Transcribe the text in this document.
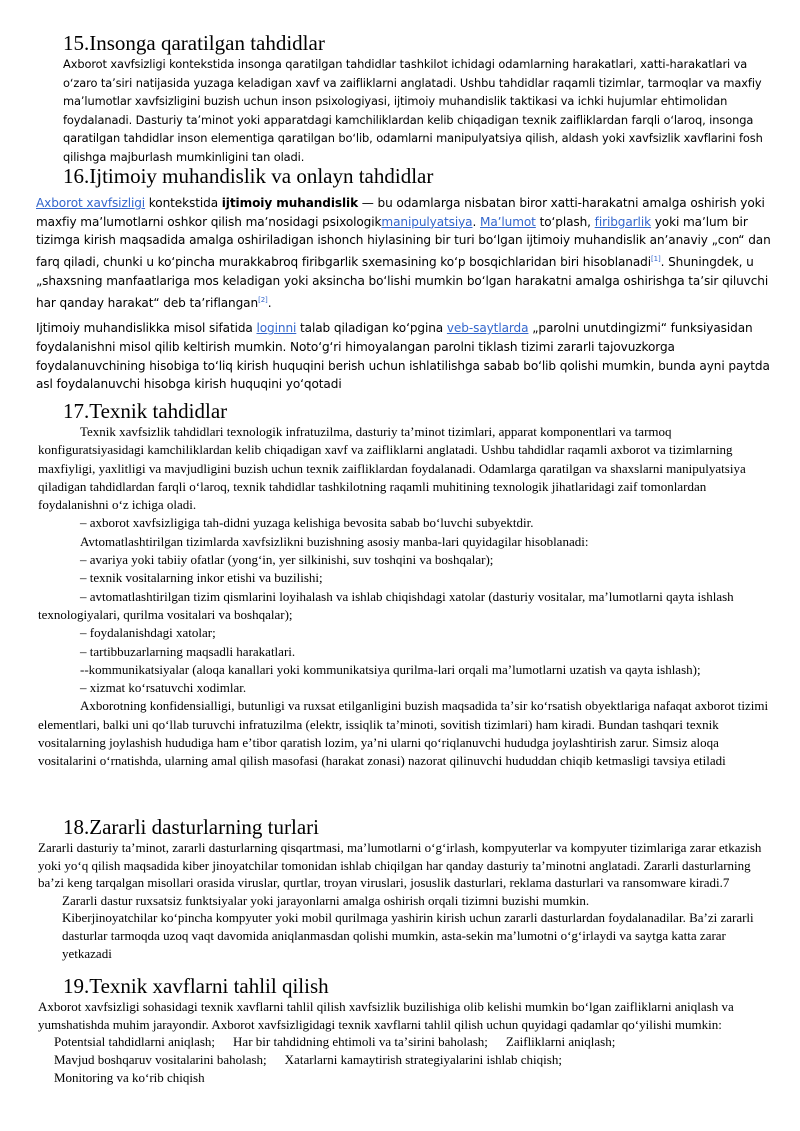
15.Insonga qaratilgan tahdidlar

Axborot xavfsizligi kontekstida insonga qaratilgan tahdidlar tashkilot ichidagi odamlarning harakatlari, xatti-harakatlari va oʻzaro taʼsiri natijasida yuzaga keladigan xavf va zaifliklarni anglatadi. Ushbu tahdidlar raqamli tizimlar, tarmoqlar va maxfiy maʼlumotlar xavfsizligini buzish uchun inson psixologiyasi, ijtimoiy muhandislik taktikasi va ichki hujumlar ehtimolidan foydalanadi. Dasturiy taʼminot yoki apparatdagi kamchiliklardan kelib chiqadigan texnik zaifliklardan farqli oʻlaroq, insonga qaratilgan tahdidlar inson elementiga qaratilgan boʻlib, odamlarni manipulyatsiya qilish, aldash yoki xavfsizlik xavflarini fosh qilishga majburlash mumkinligini tan oladi.

16.Ijtimoiy muhandislik va onlayn tahdidlar

Axborot xavfsizligi kontekstida ijtimoiy muhandislik — bu odamlarga nisbatan biror xatti-harakatni amalga oshirish yoki maxfiy maʼlumotlarni oshkor qilish maʼnosidagi psixologikmanipulyatsiya. Maʼlumot toʻplash, firibgarlik yoki maʼlum bir tizimga kirish maqsadida amalga oshiriladigan ishonch hiylasining bir turi boʻlgan ijtimoiy muhandislik anʼanaviy „con“ dan farq qiladi, chunki u koʻpincha murakkabroq firibgarlik sxemasining koʻp bosqichlaridan biri hisoblanadi[1]. Shuningdek, u „shaxsning manfaatlariga mos keladigan yoki aksincha boʻlishi mumkin boʻlgan harakatni amalga oshirishga taʼsir qiluvchi har qanday harakat“ deb taʼriflangan[2].

Ijtimoiy muhandislikka misol sifatida loginni talab qiladigan koʻpgina veb-saytlarda „parolni unutdingizmi“ funksiyasidan foydalanishni misol qilib keltirish mumkin. Notoʻgʻri himoyalangan parolni tiklash tizimi zararli tajovuzkorga foydalanuvchining hisobiga toʻliq kirish huquqini berish uchun ishlatilishga sabab boʻlib qolishi mumkin, bunda ayni paytda asl foydalanuvchi hisobga kirish huquqini yoʻqotadi

17.Texnik tahdidlar

Texnik xavfsizlik tahdidlari texnologik infratuzilma, dasturiy taʼminot tizimlari, apparat komponentlari va tarmoq konfiguratsiyasidagi kamchiliklardan kelib chiqadigan xavf va zaifliklarni anglatadi. Ushbu tahdidlar raqamli axborot va tizimlarning maxfiyligi, yaxlitligi va mavjudligini buzish uchun texnik zaifliklardan foydalanadi. Odamlarga qaratilgan va shaxslarni manipulyatsiya qiladigan tahdidlardan farqli oʻlaroq, texnik tahdidlar tashkilotning raqamli muhitining texnologik jihatlaridagi zaif tomonlardan foydalanishni oʻz ichiga oladi.

– axborot xavfsizligiga tah-didni yuzaga kelishiga bevosita sabab boʻluvchi subyektdir.

Avtomatlashtirilgan tizimlarda xavfsizlikni buzishning asosiy manba-lari quyidagilar hisoblanadi:

– avariya yoki tabiiy ofatlar (yongʻin, yer silkinishi, suv toshqini va boshqalar);

– texnik vositalarning inkor etishi va buzilishi;

– avtomatlashtirilgan tizim qismlarini loyihalash va ishlab chiqishdagi xatolar (dasturiy vositalar, maʼlumotlarni qayta ishlash texnologiyalari, qurilma vositalari va boshqalar);

– foydalanishdagi xatolar;

– tartibbuzarlarning maqsadli harakatlari.

--kommunikatsiyalar (aloqa kanallari yoki kommunikatsiya qurilma-lari orqali maʼlumotlarni uzatish va qayta ishlash);

– xizmat koʻrsatuvchi xodimlar.

Axborotning konfidensialligi, butunligi va ruxsat etilganligini buzish maqsadida taʼsir koʻrsatish obyektlariga nafaqat axborot tizimi elementlari, balki uni qoʻllab turuvchi infratuzilma (elektr, issiqlik taʼminoti, sovitish tizimlari) ham kiradi. Bundan tashqari texnik vositalarning joylashish hududiga ham eʼtibor qaratish lozim, yaʼni ularni qoʻriqlanuvchi hududga joylashtirish zarur. Simsiz aloqa vositalarini oʻrnatishda, ularning amal qilish masofasi (harakat zonasi) nazorat qilinuvchi hududdan chiqib ketmasligi tavsiya etiladi

18.Zararli dasturlarning turlari

Zararli dasturiy taʼminot, zararli dasturlarning qisqartmasi, maʼlumotlarni oʻgʻirlash, kompyuterlar va kompyuter tizimlariga zarar etkazish yoki yoʻq qilish maqsadida kiber jinoyatchilar tomonidan ishlab chiqilgan har qanday dasturiy taʼminotni anglatadi. Zararli dasturlarning baʼzi keng tarqalgan misollari orasida viruslar, qurtlar, troyan viruslari, josuslik dasturlari, reklama dasturlari va ransomware kiradi.7

Zararli dastur ruxsatsiz funktsiyalar yoki jarayonlarni amalga oshirish orqali tizimni buzishi mumkin.

Kiberjinoyatchilar koʻpincha kompyuter yoki mobil qurilmaga yashirin kirish uchun zararli dasturlardan foydalanadilar. Baʼzi zararli dasturlar tarmoqda uzoq vaqt davomida aniqlanmasdan qolishi mumkin, asta-sekin maʼlumotni oʻgʻirlaydi va saytga katta zarar yetkazadi

19.Texnik xavflarni tahlil qilish

Axborot xavfsizligi sohasidagi texnik xavflarni tahlil qilish xavfsizlik buzilishiga olib kelishi mumkin boʻlgan zaifliklarni aniqlash va yumshatishda muhim jarayondir. Axborot xavfsizligidagi texnik xavflarni tahlil qilish uchun quyidagi qadamlar qoʻyilishi mumkin:

Potentsial tahdidlarni aniqlash; Har bir tahdidning ehtimoli va taʼsirini baholash; Zaifliklarni aniqlash;
Mavjud boshqaruv vositalarini baholash; Xatarlarni kamaytirish strategiyalarini ishlab chiqish;
Monitoring va koʻrib chiqish
